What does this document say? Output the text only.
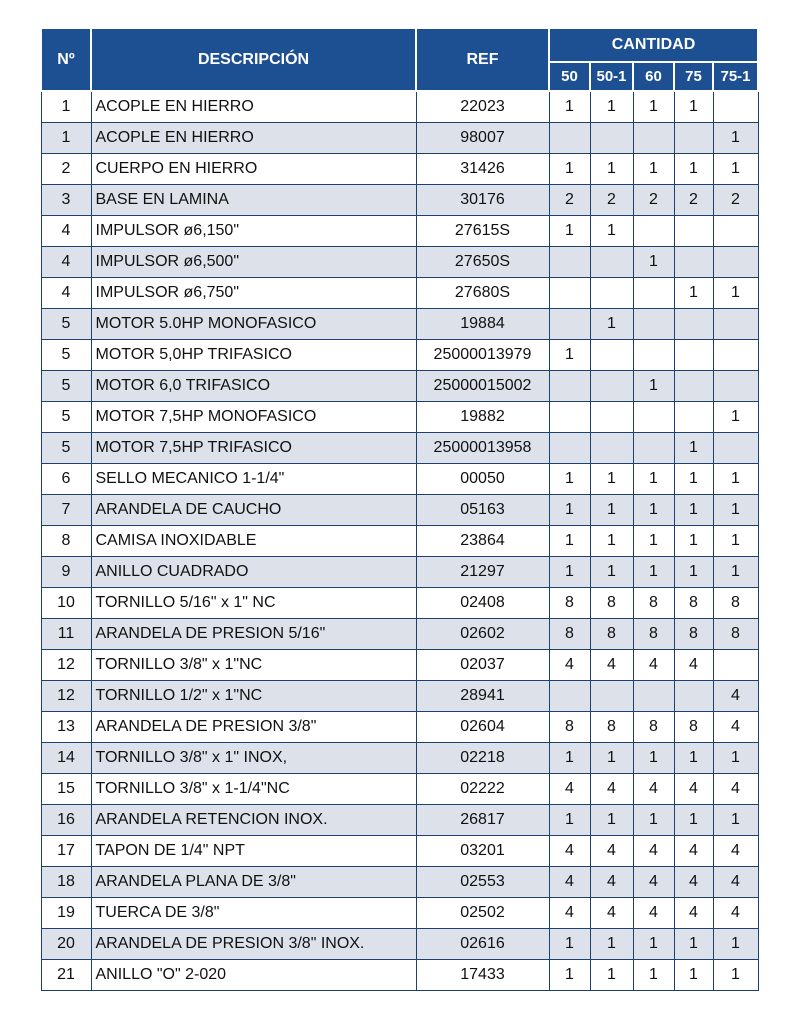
Nº	DESCRIPCIÓN	REF	CANTIDAD				
			50	50-1	60	75	75-1
1	ACOPLE EN HIERRO	22023	1	1	1	1	
1	ACOPLE EN HIERRO	98007					1
2	CUERPO EN HIERRO	31426	1	1	1	1	1
3	BASE EN LAMINA	30176	2	2	2	2	2
4	IMPULSOR ø6,150"	27615S	1	1			
4	IMPULSOR ø6,500"	27650S			1		
4	IMPULSOR ø6,750"	27680S				1	1
5	MOTOR 5.0HP MONOFASICO	19884		1			
5	MOTOR 5,0HP TRIFASICO	25000013979	1				
5	MOTOR 6,0 TRIFASICO	25000015002			1		
5	MOTOR 7,5HP MONOFASICO	19882					1
5	MOTOR 7,5HP TRIFASICO	25000013958				1	
6	SELLO MECANICO 1-1/4"	00050	1	1	1	1	1
7	ARANDELA DE CAUCHO	05163	1	1	1	1	1
8	CAMISA INOXIDABLE	23864	1	1	1	1	1
9	ANILLO CUADRADO	21297	1	1	1	1	1
10	TORNILLO 5/16" x 1" NC	02408	8	8	8	8	8
11	ARANDELA DE PRESION 5/16"	02602	8	8	8	8	8
12	TORNILLO 3/8" x 1"NC	02037	4	4	4	4	
12	TORNILLO 1/2" x 1"NC	28941					4
13	ARANDELA DE PRESION 3/8"	02604	8	8	8	8	4
14	TORNILLO 3/8" x 1" INOX,	02218	1	1	1	1	1
15	TORNILLO 3/8" x 1-1/4"NC	02222	4	4	4	4	4
16	ARANDELA RETENCION INOX.	26817	1	1	1	1	1
17	TAPON DE 1/4" NPT	03201	4	4	4	4	4
18	ARANDELA PLANA DE 3/8"	02553	4	4	4	4	4
19	TUERCA DE 3/8"	02502	4	4	4	4	4
20	ARANDELA DE PRESION 3/8" INOX.	02616	1	1	1	1	1
21	ANILLO "O" 2-020	17433	1	1	1	1	1
